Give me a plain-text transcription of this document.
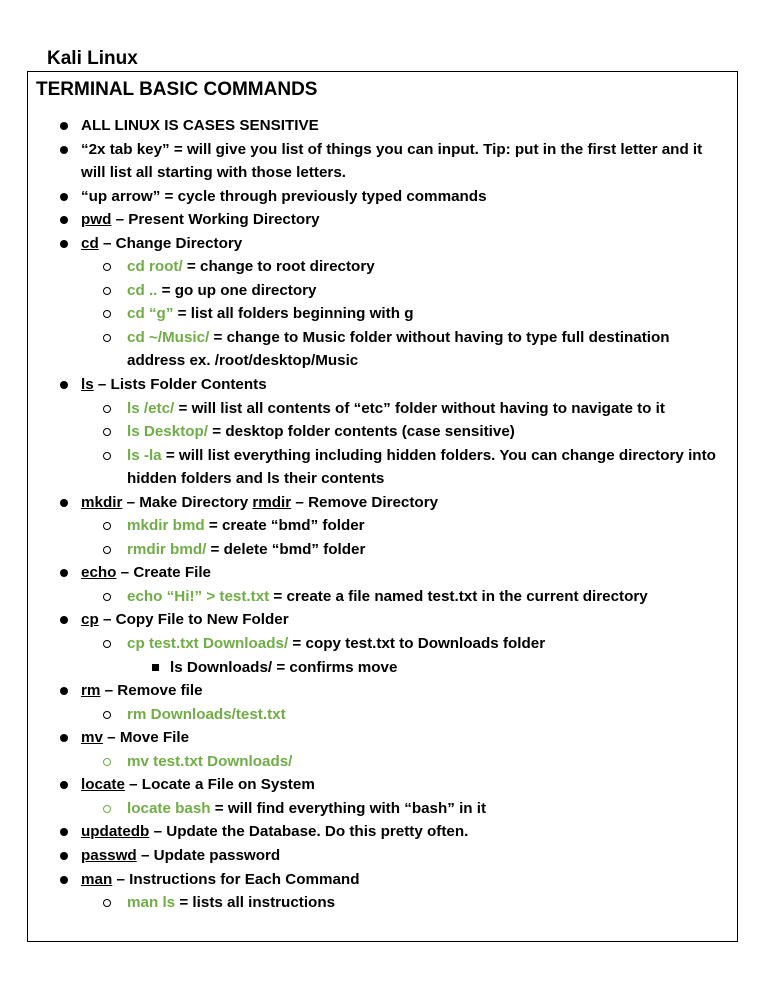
Kali Linux
TERMINAL BASIC COMMANDS
ALL LINUX IS CASES SENSITIVE
“2x tab key” = will give you list of things you can input. Tip: put in the first letter and it
will list all starting with those letters.
“up arrow” = cycle through previously typed commands
pwd – Present Working Directory
cd – Change Directory
cd root/ = change to root directory
cd .. = go up one directory
cd “g” = list all folders beginning with g
cd ~/Music/ = change to Music folder without having to type full destination
address ex. /root/desktop/Music
ls – Lists Folder Contents
ls /etc/ = will list all contents of “etc” folder without having to navigate to it
ls Desktop/ = desktop folder contents (case sensitive)
ls -la = will list everything including hidden folders. You can change directory into
hidden folders and ls their contents
mkdir – Make Directory rmdir – Remove Directory
mkdir bmd = create “bmd” folder
rmdir bmd/ = delete “bmd” folder
echo – Create File
echo “Hi!” > test.txt = create a file named test.txt in the current directory
cp – Copy File to New Folder
cp test.txt Downloads/ = copy test.txt to Downloads folder
ls Downloads/ = confirms move
rm – Remove file
rm Downloads/test.txt
mv – Move File
mv test.txt Downloads/
locate – Locate a File on System
locate bash = will find everything with “bash” in it
updatedb – Update the Database. Do this pretty often.
passwd – Update password
man – Instructions for Each Command
man ls = lists all instructions
